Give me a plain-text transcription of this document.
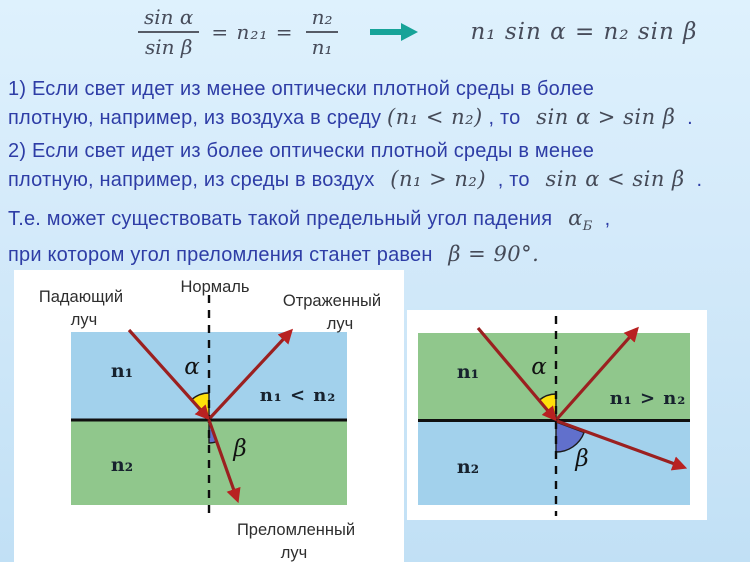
$\frac{\text{sin α}}{\text{sin β}} = n_{21} = \frac{\text{n₂}}{\text{n₁}}$	n₁ sin α = n₂ sin β

1) Если свет идет из менее оптически плотной среды в более
плотную, например, из воздуха в среду (n₁ < n₂) , то sin α > sin β .

2) Если свет идет из более оптически плотной среды в менее
плотную, например, из среды в воздух (n₁ > n₂) , то sin α < sin β .

Т.е. может существовать такой предельный угол падения $\alpha_Б$ ,
при котором угол преломления станет равен β = 90°.

Падающий
луч
Нормаль
Отраженный
луч
n₁ α
n₁ < n₂
n₂
β
Преломленный
луч
n₁ α
n₁ > n₂
n₂	β
